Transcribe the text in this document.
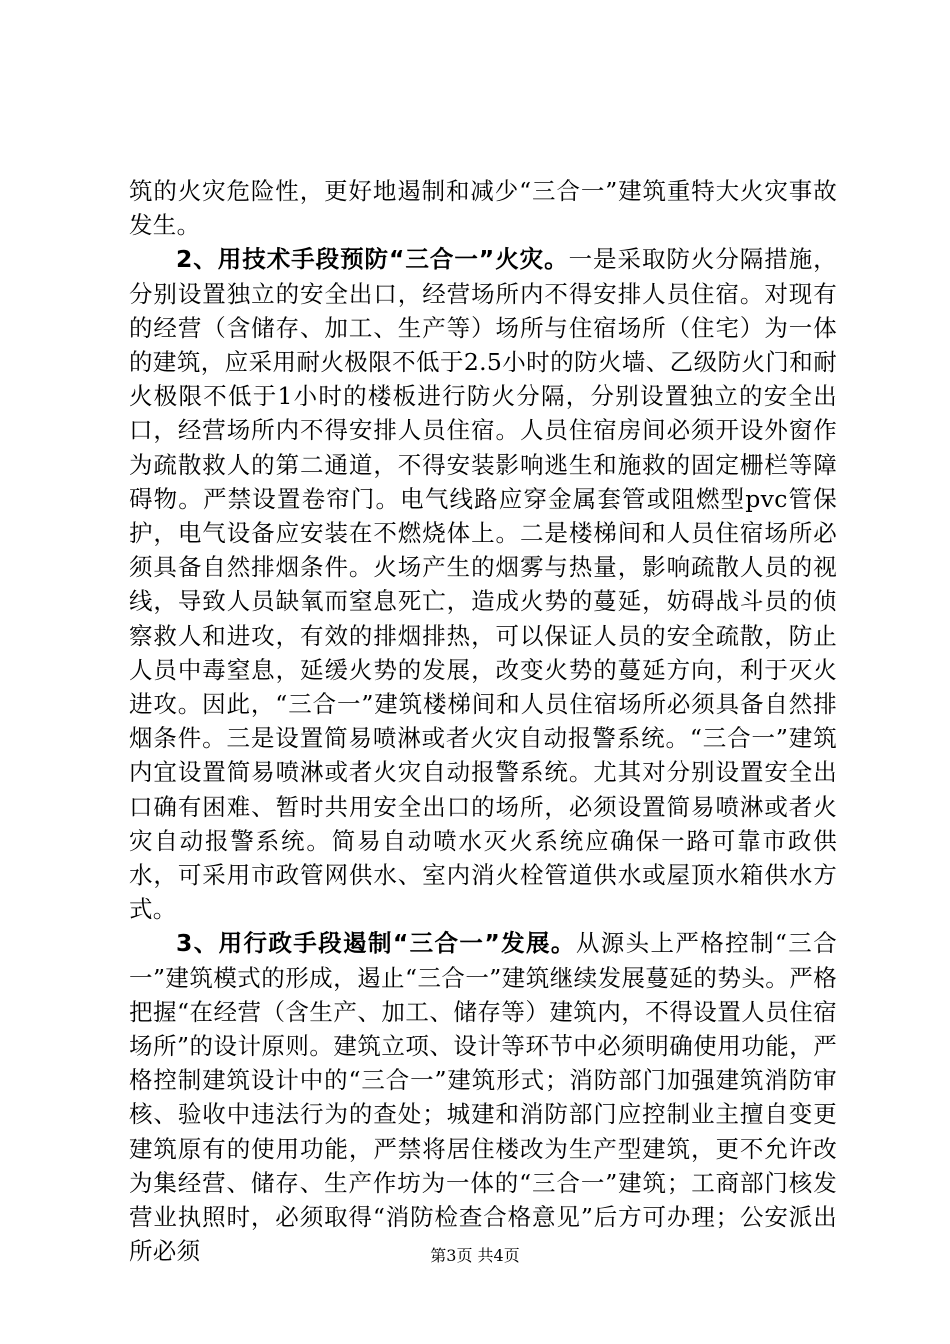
筑的火灾危险性，更好地遏制和减少“三合一”建筑重特大火灾事故发生。

2、用技术手段预防“三合一”火灾。一是采取防火分隔措施，分别设置独立的安全出口，经营场所内不得安排人员住宿。对现有的经营（含储存、加工、生产等）场所与住宿场所（住宅）为一体的建筑，应采用耐火极限不低于2.5小时的防火墙、乙级防火门和耐火极限不低于1小时的楼板进行防火分隔，分别设置独立的安全出口，经营场所内不得安排人员住宿。人员住宿房间必须开设外窗作为疏散救人的第二通道，不得安装影响逃生和施救的固定栅栏等障碍物。严禁设置卷帘门。电气线路应穿金属套管或阻燃型pvc管保护，电气设备应安装在不燃烧体上。二是楼梯间和人员住宿场所必须具备自然排烟条件。火场产生的烟雾与热量，影响疏散人员的视线，导致人员缺氧而窒息死亡，造成火势的蔓延，妨碍战斗员的侦察救人和进攻，有效的排烟排热，可以保证人员的安全疏散，防止人员中毒窒息，延缓火势的发展，改变火势的蔓延方向，利于灭火进攻。因此，“三合一”建筑楼梯间和人员住宿场所必须具备自然排烟条件。三是设置简易喷淋或者火灾自动报警系统。“三合一”建筑内宜设置简易喷淋或者火灾自动报警系统。尤其对分别设置安全出口确有困难、暂时共用安全出口的场所，必须设置简易喷淋或者火灾自动报警系统。简易自动喷水灭火系统应确保一路可靠市政供水，可采用市政管网供水、室内消火栓管道供水或屋顶水箱供水方式。

3、用行政手段遏制“三合一”发展。从源头上严格控制“三合一”建筑模式的形成，遏止“三合一”建筑继续发展蔓延的势头。严格把握“在经营（含生产、加工、储存等）建筑内，不得设置人员住宿场所”的设计原则。建筑立项、设计等环节中必须明确使用功能，严格控制建筑设计中的“三合一”建筑形式；消防部门加强建筑消防审核、验收中违法行为的查处；城建和消防部门应控制业主擅自变更建筑原有的使用功能，严禁将居住楼改为生产型建筑，更不允许改为集经营、储存、生产作坊为一体的“三合一”建筑；工商部门核发营业执照时，必须取得“消防检查合格意见”后方可办理；公安派出所必须	第3页 共4页
